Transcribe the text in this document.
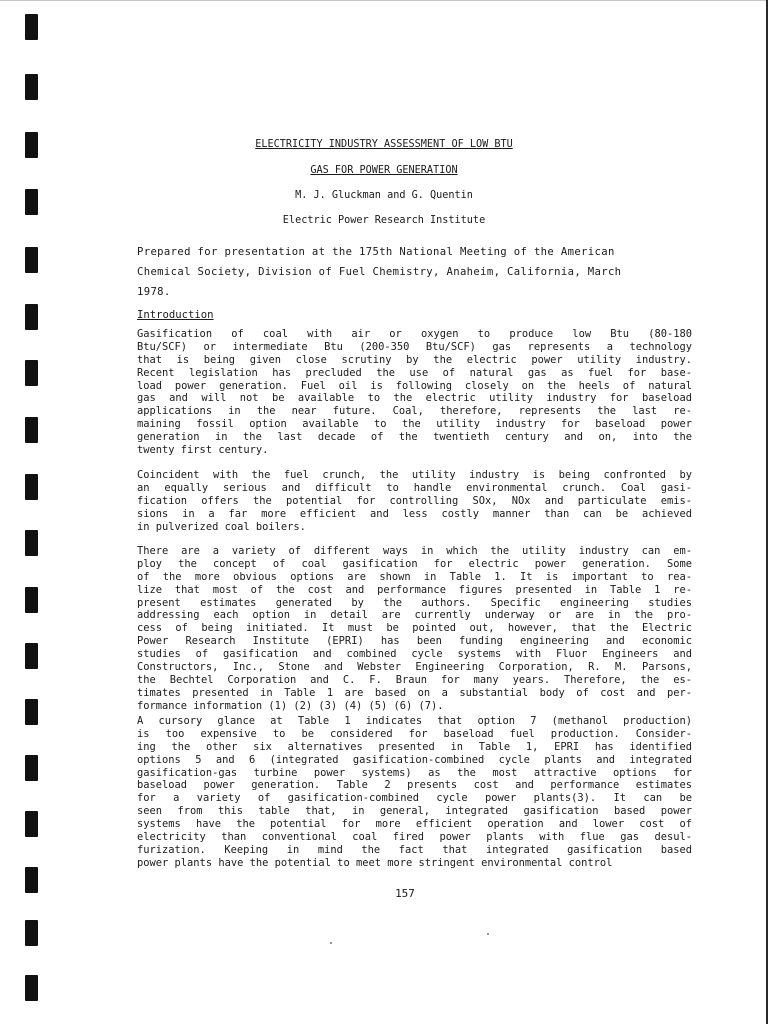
ELECTRICITY INDUSTRY ASSESSMENT OF LOW BTU
GAS FOR POWER GENERATION
M. J. Gluckman and G. Quentin
Electric Power Research Institute
Prepared for presentation at the 175th National Meeting of the American
Chemical Society, Division of Fuel Chemistry, Anaheim, California, March
1978.
Introduction
Gasification of coal with air or oxygen to produce low Btu (80-180
Btu/SCF) or intermediate Btu (200-350 Btu/SCF) gas represents a technology
that is being given close scrutiny by the electric power utility industry.
Recent legislation has precluded the use of natural gas as fuel for base-
load power generation. Fuel oil is following closely on the heels of natural
gas and will not be available to the electric utility industry for baseload
applications in the near future. Coal, therefore, represents the last re-
maining fossil option available to the utility industry for baseload power
generation in the last decade of the twentieth century and on, into the
twenty first century.
Coincident with the fuel crunch, the utility industry is being confronted by
an equally serious and difficult to handle environmental crunch. Coal gasi-
fication offers the potential for controlling SOx, NOx and particulate emis-
sions in a far more efficient and less costly manner than can be achieved
in pulverized coal boilers.
There are a variety of different ways in which the utility industry can em-
ploy the concept of coal gasification for electric power generation. Some
of the more obvious options are shown in Table 1. It is important to rea-
lize that most of the cost and performance figures presented in Table 1 re-
present estimates generated by the authors. Specific engineering studies
addressing each option in detail are currently underway or are in the pro-
cess of being initiated. It must be pointed out, however, that the Electric
Power Research Institute (EPRI) has been funding engineering and economic
studies of gasification and combined cycle systems with Fluor Engineers and
Constructors, Inc., Stone and Webster Engineering Corporation, R. M. Parsons,
the Bechtel Corporation and C. F. Braun for many years. Therefore, the es-
timates presented in Table 1 are based on a substantial body of cost and per-
formance information (1) (2) (3) (4) (5) (6) (7).
A cursory glance at Table 1 indicates that option 7 (methanol production)
is too expensive to be considered for baseload fuel production. Consider-
ing the other six alternatives presented in Table 1, EPRI has identified
options 5 and 6 (integrated gasification-combined cycle plants and integrated
gasification-gas turbine power systems) as the most attractive options for
baseload power generation. Table 2 presents cost and performance estimates
for a variety of gasification-combined cycle power plants(3). It can be
seen from this table that, in general, integrated gasification based power
systems have the potential for more efficient operation and lower cost of
electricity than conventional coal fired power plants with flue gas desul-
furization. Keeping in mind the fact that integrated gasification based
power plants have the potential to meet more stringent environmental control
157
